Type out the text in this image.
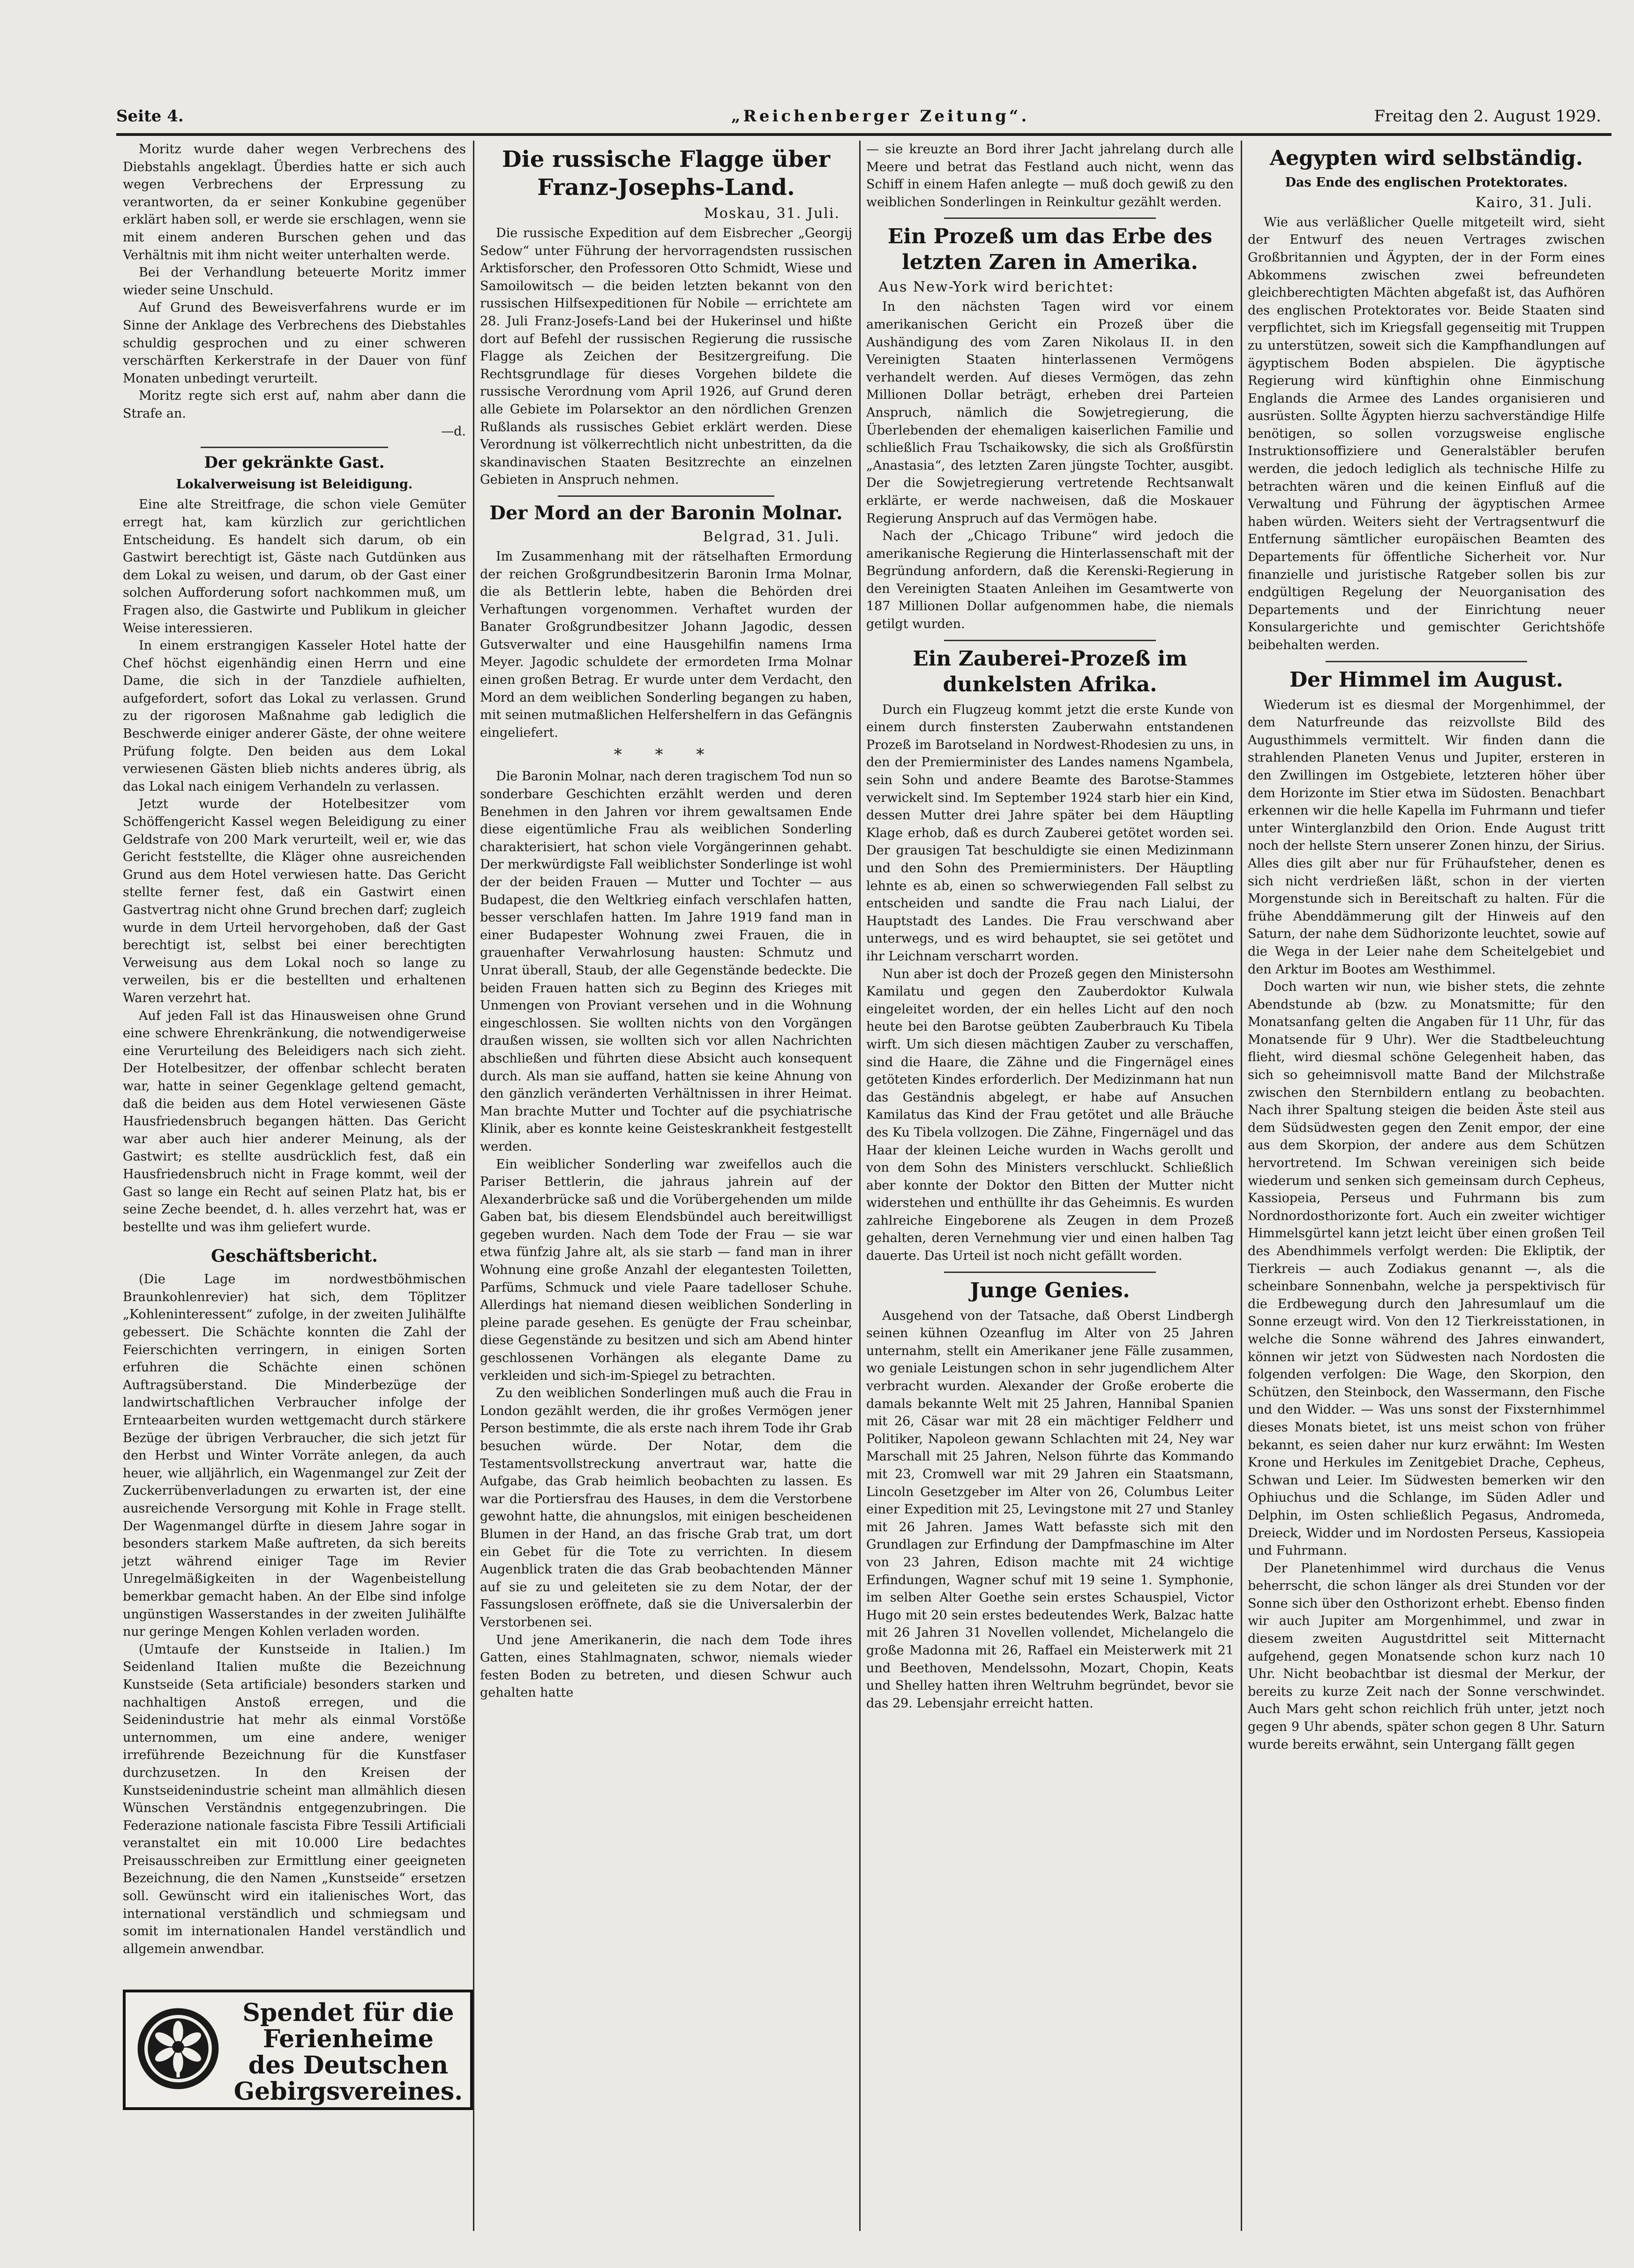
Seite 4.	„Reichenberger Zeitung“.	Freitag den 2. August 1929.
Moritz wurde daher wegen Verbrechens des Diebstahls angeklagt. Überdies hatte er sich auch wegen Verbrechens der Erpressung zu verantworten, da er seiner Konkubine gegenüber erklärt haben soll, er werde sie erschlagen, wenn sie mit einem anderen Burschen gehen und das Verhältnis mit ihm nicht weiter unterhalten werde.
Bei der Verhandlung beteuerte Moritz immer wieder seine Unschuld.
Auf Grund des Beweisverfahrens wurde er im Sinne der Anklage des Verbrechens des Diebstahles schuldig gesprochen und zu einer schweren verschärften Kerkerstrafe in der Dauer von fünf Monaten unbedingt verurteilt.
Moritz regte sich erst auf, nahm aber dann die Strafe an.
—d.
Der gekränkte Gast.
Lokalverweisung ist Beleidigung.
Eine alte Streitfrage, die schon viele Gemüter erregt hat, kam kürzlich zur gerichtlichen Entscheidung. Es handelt sich darum, ob ein Gastwirt berechtigt ist, Gäste nach Gutdünken aus dem Lokal zu weisen, und darum, ob der Gast einer solchen Aufforderung sofort nachkommen muß, um Fragen also, die Gastwirte und Publikum in gleicher Weise interessieren.
In einem erstrangigen Kasseler Hotel hatte der Chef höchst eigenhändig einen Herrn und eine Dame, die sich in der Tanzdiele aufhielten, aufgefordert, sofort das Lokal zu verlassen. Grund zu der rigorosen Maßnahme gab lediglich die Beschwerde einiger anderer Gäste, der ohne weitere Prüfung folgte. Den beiden aus dem Lokal verwiesenen Gästen blieb nichts anderes übrig, als das Lokal nach einigem Verhandeln zu verlassen.
Jetzt wurde der Hotelbesitzer vom Schöffengericht Kassel wegen Beleidigung zu einer Geldstrafe von 200 Mark verurteilt, weil er, wie das Gericht feststellte, die Kläger ohne ausreichenden Grund aus dem Hotel verwiesen hatte. Das Gericht stellte ferner fest, daß ein Gastwirt einen Gastvertrag nicht ohne Grund brechen darf; zugleich wurde in dem Urteil hervorgehoben, daß der Gast berechtigt ist, selbst bei einer berechtigten Verweisung aus dem Lokal noch so lange zu verweilen, bis er die bestellten und erhaltenen Waren verzehrt hat.
Auf jeden Fall ist das Hinausweisen ohne Grund eine schwere Ehrenkränkung, die notwendigerweise eine Verurteilung des Beleidigers nach sich zieht. Der Hotelbesitzer, der offenbar schlecht beraten war, hatte in seiner Gegenklage geltend gemacht, daß die beiden aus dem Hotel verwiesenen Gäste Hausfriedensbruch begangen hätten. Das Gericht war aber auch hier anderer Meinung, als der Gastwirt; es stellte ausdrücklich fest, daß ein Hausfriedensbruch nicht in Frage kommt, weil der Gast so lange ein Recht auf seinen Platz hat, bis er seine Zeche beendet, d. h. alles verzehrt hat, was er bestellte und was ihm geliefert wurde.
Geschäftsbericht.
(Die Lage im nordwestböhmischen Braunkohlenrevier) hat sich, dem Töplitzer „Kohleninteressent“ zufolge, in der zweiten Julihälfte gebessert. Die Schächte konnten die Zahl der Feierschichten verringern, in einigen Sorten erfuhren die Schächte einen schönen Auftragsüberstand. Die Minderbezüge der landwirtschaftlichen Verbraucher infolge der Ernteaarbeiten wurden wettgemacht durch stärkere Bezüge der übrigen Verbraucher, die sich jetzt für den Herbst und Winter Vorräte anlegen, da auch heuer, wie alljährlich, ein Wagenmangel zur Zeit der Zuckerrübenverladungen zu erwarten ist, der eine ausreichende Versorgung mit Kohle in Frage stellt. Der Wagenmangel dürfte in diesem Jahre sogar in besonders starkem Maße auftreten, da sich bereits jetzt während einiger Tage im Revier Unregelmäßigkeiten in der Wagenbeistellung bemerkbar gemacht haben. An der Elbe sind infolge ungünstigen Wasserstandes in der zweiten Julihälfte nur geringe Mengen Kohlen verladen worden.
(Umtaufe der Kunstseide in Italien.) Im Seidenland Italien mußte die Bezeichnung Kunstseide (Seta artificiale) besonders starken und nachhaltigen Anstoß erregen, und die Seidenindustrie hat mehr als einmal Vorstöße unternommen, um eine andere, weniger irreführende Bezeichnung für die Kunstfaser durchzusetzen. In den Kreisen der Kunstseidenindustrie scheint man allmählich diesen Wünschen Verständnis entgegenzubringen. Die Federazione nationale fascista Fibre Tessili Artificiali veranstaltet ein mit 10.000 Lire bedachtes Preisausschreiben zur Ermittlung einer geeigneten Bezeichnung, die den Namen „Kunstseide“ ersetzen soll. Gewünscht wird ein italienisches Wort, das international verständlich und schmiegsam und somit im internationalen Handel verständlich und allgemein anwendbar.
Spendet für die
Ferienheime
des Deutschen
Gebirgsvereines.
Die russische Flagge über Franz-Josephs-Land.
Moskau, 31. Juli.
Die russische Expedition auf dem Eisbrecher „Georgij Sedow“ unter Führung der hervorragendsten russischen Arktisforscher, den Professoren Otto Schmidt, Wiese und Samoilowitsch — die beiden letzten bekannt von den russischen Hilfsexpeditionen für Nobile — errichtete am 28. Juli Franz-Josefs-Land bei der Hukerinsel und hißte dort auf Befehl der russischen Regierung die russische Flagge als Zeichen der Besitzergreifung. Die Rechtsgrundlage für dieses Vorgehen bildete die russische Verordnung vom April 1926, auf Grund deren alle Gebiete im Polarsektor an den nördlichen Grenzen Rußlands als russisches Gebiet erklärt werden. Diese Verordnung ist völkerrechtlich nicht unbestritten, da die skandinavischen Staaten Besitzrechte an einzelnen Gebieten in Anspruch nehmen.
Der Mord an der Baronin Molnar.
Belgrad, 31. Juli.
Im Zusammenhang mit der rätselhaften Ermordung der reichen Großgrundbesitzerin Baronin Irma Molnar, die als Bettlerin lebte, haben die Behörden drei Verhaftungen vorgenommen. Verhaftet wurden der Banater Großgrundbesitzer Johann Jagodic, dessen Gutsverwalter und eine Hausgehilfin namens Irma Meyer. Jagodic schuldete der ermordeten Irma Molnar einen großen Betrag. Er wurde unter dem Verdacht, den Mord an dem weiblichen Sonderling begangen zu haben, mit seinen mutmaßlichen Helfershelfern in das Gefängnis eingeliefert.
* * *
Die Baronin Molnar, nach deren tragischem Tod nun so sonderbare Geschichten erzählt werden und deren Benehmen in den Jahren vor ihrem gewaltsamen Ende diese eigentümliche Frau als weiblichen Sonderling charakterisiert, hat schon viele Vorgängerinnen gehabt. Der merkwürdigste Fall weiblichster Sonderlinge ist wohl der der beiden Frauen — Mutter und Tochter — aus Budapest, die den Weltkrieg einfach verschlafen hatten, besser verschlafen hatten. Im Jahre 1919 fand man in einer Budapester Wohnung zwei Frauen, die in grauenhafter Verwahrlosung hausten: Schmutz und Unrat überall, Staub, der alle Gegenstände bedeckte. Die beiden Frauen hatten sich zu Beginn des Krieges mit Unmengen von Proviant versehen und in die Wohnung eingeschlossen. Sie wollten nichts von den Vorgängen draußen wissen, sie wollten sich vor allen Nachrichten abschließen und führten diese Absicht auch konsequent durch. Als man sie auffand, hatten sie keine Ahnung von den gänzlich veränderten Verhältnissen in ihrer Heimat. Man brachte Mutter und Tochter auf die psychiatrische Klinik, aber es konnte keine Geisteskrankheit festgestellt werden.
Ein weiblicher Sonderling war zweifellos auch die Pariser Bettlerin, die jahraus jahrein auf der Alexanderbrücke saß und die Vorübergehenden um milde Gaben bat, bis diesem Elendsbündel auch bereitwilligst gegeben wurden. Nach dem Tode der Frau — sie war etwa fünfzig Jahre alt, als sie starb — fand man in ihrer Wohnung eine große Anzahl der elegantesten Toiletten, Parfüms, Schmuck und viele Paare tadelloser Schuhe. Allerdings hat niemand diesen weiblichen Sonderling in pleine parade gesehen. Es genügte der Frau scheinbar, diese Gegenstände zu besitzen und sich am Abend hinter geschlossenen Vorhängen als elegante Dame zu verkleiden und sich-im-Spiegel zu betrachten.
Zu den weiblichen Sonderlingen muß auch die Frau in London gezählt werden, die ihr großes Vermögen jener Person bestimmte, die als erste nach ihrem Tode ihr Grab besuchen würde. Der Notar, dem die Testamentsvollstreckung anvertraut war, hatte die Aufgabe, das Grab heimlich beobachten zu lassen. Es war die Portiersfrau des Hauses, in dem die Verstorbene gewohnt hatte, die ahnungslos, mit einigen bescheidenen Blumen in der Hand, an das frische Grab trat, um dort ein Gebet für die Tote zu verrichten. In diesem Augenblick traten die das Grab beobachtenden Männer auf sie zu und geleiteten sie zu dem Notar, der der Fassungslosen eröffnete, daß sie die Universalerbin der Verstorbenen sei.
Und jene Amerikanerin, die nach dem Tode ihres Gatten, eines Stahlmagnaten, schwor, niemals wieder festen Boden zu betreten, und diesen Schwur auch gehalten hatte
— sie kreuzte an Bord ihrer Jacht jahrelang durch alle Meere und betrat das Festland auch nicht, wenn das Schiff in einem Hafen anlegte — muß doch gewiß zu den weiblichen Sonderlingen in Reinkultur gezählt werden.
Ein Prozeß um das Erbe des letzten Zaren in Amerika.
Aus New-York wird berichtet:
In den nächsten Tagen wird vor einem amerikanischen Gericht ein Prozeß über die Aushändigung des vom Zaren Nikolaus II. in den Vereinigten Staaten hinterlassenen Vermögens verhandelt werden. Auf dieses Vermögen, das zehn Millionen Dollar beträgt, erheben drei Parteien Anspruch, nämlich die Sowjetregierung, die Überlebenden der ehemaligen kaiserlichen Familie und schließlich Frau Tschaikowsky, die sich als Großfürstin „Anastasia“, des letzten Zaren jüngste Tochter, ausgibt. Der die Sowjetregierung vertretende Rechtsanwalt erklärte, er werde nachweisen, daß die Moskauer Regierung Anspruch auf das Vermögen habe.
Nach der „Chicago Tribune“ wird jedoch die amerikanische Regierung die Hinterlassenschaft mit der Begründung anfordern, daß die Kerenski-Regierung in den Vereinigten Staaten Anleihen im Gesamtwerte von 187 Millionen Dollar aufgenommen habe, die niemals getilgt wurden.
Ein Zauberei-Prozeß im dunkelsten Afrika.
Durch ein Flugzeug kommt jetzt die erste Kunde von einem durch finstersten Zauberwahn entstandenen Prozeß im Barotseland in Nordwest-Rhodesien zu uns, in den der Premierminister des Landes namens Ngambela, sein Sohn und andere Beamte des Barotse-Stammes verwickelt sind. Im September 1924 starb hier ein Kind, dessen Mutter drei Jahre später bei dem Häuptling Klage erhob, daß es durch Zauberei getötet worden sei. Der grausigen Tat beschuldigte sie einen Medizinmann und den Sohn des Premierministers. Der Häuptling lehnte es ab, einen so schwerwiegenden Fall selbst zu entscheiden und sandte die Frau nach Lialui, der Hauptstadt des Landes. Die Frau verschwand aber unterwegs, und es wird behauptet, sie sei getötet und ihr Leichnam verscharrt worden.
Nun aber ist doch der Prozeß gegen den Ministersohn Kamilatu und gegen den Zauberdoktor Kulwala eingeleitet worden, der ein helles Licht auf den noch heute bei den Barotse geübten Zauberbrauch Ku Tibela wirft. Um sich diesen mächtigen Zauber zu verschaffen, sind die Haare, die Zähne und die Fingernägel eines getöteten Kindes erforderlich. Der Medizinmann hat nun das Geständnis abgelegt, er habe auf Ansuchen Kamilatus das Kind der Frau getötet und alle Bräuche des Ku Tibela vollzogen. Die Zähne, Fingernägel und das Haar der kleinen Leiche wurden in Wachs gerollt und von dem Sohn des Ministers verschluckt. Schließlich aber konnte der Doktor den Bitten der Mutter nicht widerstehen und enthüllte ihr das Geheimnis. Es wurden zahlreiche Eingeborene als Zeugen in dem Prozeß gehalten, deren Vernehmung vier und einen halben Tag dauerte. Das Urteil ist noch nicht gefällt worden.
Junge Genies.
Ausgehend von der Tatsache, daß Oberst Lindbergh seinen kühnen Ozeanflug im Alter von 25 Jahren unternahm, stellt ein Amerikaner jene Fälle zusammen, wo geniale Leistungen schon in sehr jugendlichem Alter verbracht wurden. Alexander der Große eroberte die damals bekannte Welt mit 25 Jahren, Hannibal Spanien mit 26, Cäsar war mit 28 ein mächtiger Feldherr und Politiker, Napoleon gewann Schlachten mit 24, Ney war Marschall mit 25 Jahren, Nelson führte das Kommando mit 23, Cromwell war mit 29 Jahren ein Staatsmann, Lincoln Gesetzgeber im Alter von 26, Columbus Leiter einer Expedition mit 25, Levingstone mit 27 und Stanley mit 26 Jahren. James Watt befasste sich mit den Grundlagen zur Erfindung der Dampfmaschine im Alter von 23 Jahren, Edison machte mit 24 wichtige Erfindungen, Wagner schuf mit 19 seine 1. Symphonie, im selben Alter Goethe sein erstes Schauspiel, Victor Hugo mit 20 sein erstes bedeutendes Werk, Balzac hatte mit 26 Jahren 31 Novellen vollendet, Michelangelo die große Madonna mit 26, Raffael ein Meisterwerk mit 21 und Beethoven, Mendelssohn, Mozart, Chopin, Keats und Shelley hatten ihren Weltruhm begründet, bevor sie das 29. Lebensjahr erreicht hatten.
Aegypten wird selbständig.
Das Ende des englischen Protektorates.
Kairo, 31. Juli.
Wie aus verläßlicher Quelle mitgeteilt wird, sieht der Entwurf des neuen Vertrages zwischen Großbritannien und Ägypten, der in der Form eines Abkommens zwischen zwei befreundeten gleichberechtigten Mächten abgefaßt ist, das Aufhören des englischen Protektorates vor. Beide Staaten sind verpflichtet, sich im Kriegsfall gegenseitig mit Truppen zu unterstützen, soweit sich die Kampfhandlungen auf ägyptischem Boden abspielen. Die ägyptische Regierung wird künftighin ohne Einmischung Englands die Armee des Landes organisieren und ausrüsten. Sollte Ägypten hierzu sachverständige Hilfe benötigen, so sollen vorzugsweise englische Instruktionsoffiziere und Generalstäbler berufen werden, die jedoch lediglich als technische Hilfe zu betrachten wären und die keinen Einfluß auf die Verwaltung und Führung der ägyptischen Armee haben würden. Weiters sieht der Vertragsentwurf die Entfernung sämtlicher europäischen Beamten des Departements für öffentliche Sicherheit vor. Nur finanzielle und juristische Ratgeber sollen bis zur endgültigen Regelung der Neuorganisation des Departements und der Einrichtung neuer Konsulargerichte und gemischter Gerichtshöfe beibehalten werden.
Der Himmel im August.
Wiederum ist es diesmal der Morgenhimmel, der dem Naturfreunde das reizvollste Bild des Augusthimmels vermittelt. Wir finden dann die strahlenden Planeten Venus und Jupiter, ersteren in den Zwillingen im Ostgebiete, letzteren höher über dem Horizonte im Stier etwa im Südosten. Benachbart erkennen wir die helle Kapella im Fuhrmann und tiefer unter Winterglanzbild den Orion. Ende August tritt noch der hellste Stern unserer Zonen hinzu, der Sirius. Alles dies gilt aber nur für Frühaufsteher, denen es sich nicht verdrießen läßt, schon in der vierten Morgenstunde sich in Bereitschaft zu halten. Für die frühe Abenddämmerung gilt der Hinweis auf den Saturn, der nahe dem Südhorizonte leuchtet, sowie auf die Wega in der Leier nahe dem Scheitelgebiet und den Arktur im Bootes am Westhimmel.
Doch warten wir nun, wie bisher stets, die zehnte Abendstunde ab (bzw. zu Monatsmitte; für den Monatsanfang gelten die Angaben für 11 Uhr, für das Monatsende für 9 Uhr). Wer die Stadtbeleuchtung flieht, wird diesmal schöne Gelegenheit haben, das sich so geheimnisvoll matte Band der Milchstraße zwischen den Sternbildern entlang zu beobachten. Nach ihrer Spaltung steigen die beiden Äste steil aus dem Südsüdwesten gegen den Zenit empor, der eine aus dem Skorpion, der andere aus dem Schützen hervortretend. Im Schwan vereinigen sich beide wiederum und senken sich gemeinsam durch Cepheus, Kassiopeia, Perseus und Fuhrmann bis zum Nordnordosthorizonte fort. Auch ein zweiter wichtiger Himmelsgürtel kann jetzt leicht über einen großen Teil des Abendhimmels verfolgt werden: Die Ekliptik, der Tierkreis — auch Zodiakus genannt —, als die scheinbare Sonnenbahn, welche ja perspektivisch für die Erdbewegung durch den Jahresumlauf um die Sonne erzeugt wird. Von den 12 Tierkreisstationen, in welche die Sonne während des Jahres einwandert, können wir jetzt von Südwesten nach Nordosten die folgenden verfolgen: Die Wage, den Skorpion, den Schützen, den Steinbock, den Wassermann, den Fische und den Widder. — Was uns sonst der Fixsternhimmel dieses Monats bietet, ist uns meist schon von früher bekannt, es seien daher nur kurz erwähnt: Im Westen Krone und Herkules im Zenitgebiet Drache, Cepheus, Schwan und Leier. Im Südwesten bemerken wir den Ophiuchus und die Schlange, im Süden Adler und Delphin, im Osten schließlich Pegasus, Andromeda, Dreieck, Widder und im Nordosten Perseus, Kassiopeia und Fuhrmann.
Der Planetenhimmel wird durchaus die Venus beherrscht, die schon länger als drei Stunden vor der Sonne sich über den Osthorizont erhebt. Ebenso finden wir auch Jupiter am Morgenhimmel, und zwar in diesem zweiten Augustdrittel seit Mitternacht aufgehend, gegen Monatsende schon kurz nach 10 Uhr. Nicht beobachtbar ist diesmal der Merkur, der bereits zu kurze Zeit nach der Sonne verschwindet. Auch Mars geht schon reichlich früh unter, jetzt noch gegen 9 Uhr abends, später schon gegen 8 Uhr. Saturn wurde bereits erwähnt, sein Untergang fällt gegen
